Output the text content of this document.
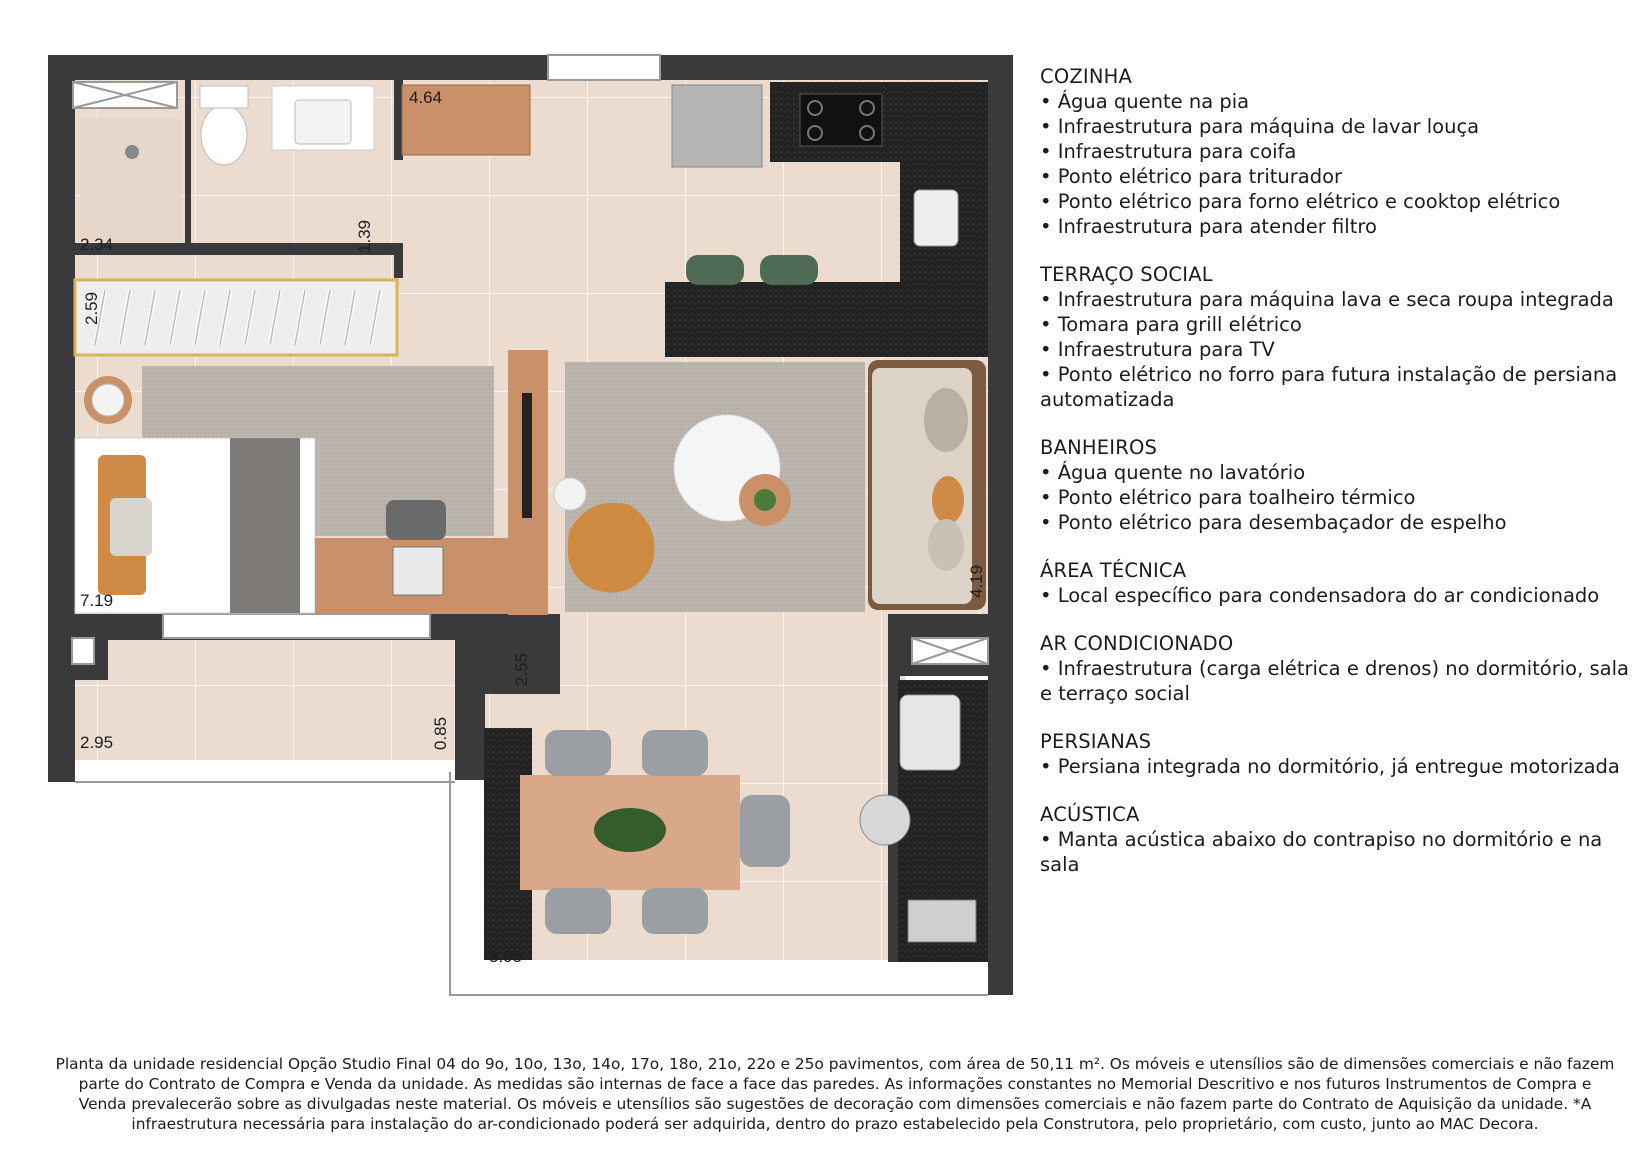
2.34	1.39
4.64
2.59
7.19
4.19
2.95	0.85
2.55
3.95
COZINHA
• Água quente na pia
• Infraestrutura para máquina de lavar louça
• Infraestrutura para coifa
• Ponto elétrico para triturador
• Ponto elétrico para forno elétrico e cooktop elétrico
• Infraestrutura para atender filtro
TERRAÇO SOCIAL
• Infraestrutura para máquina lava e seca roupa integrada
• Tomara para grill elétrico
• Infraestrutura para TV
• Ponto elétrico no forro para futura instalação de persiana automatizada
BANHEIROS
• Água quente no lavatório
• Ponto elétrico para toalheiro térmico
• Ponto elétrico para desembaçador de espelho
ÁREA TÉCNICA
• Local específico para condensadora do ar condicionado
AR CONDICIONADO
• Infraestrutura (carga elétrica e drenos) no dormitório, sala e terraço social
PERSIANAS
• Persiana integrada no dormitório, já entregue motorizada
ACÚSTICA
• Manta acústica abaixo do contrapiso no dormitório e na sala
Planta da unidade residencial Opção Studio Final 04 do 9o, 10o, 13o, 14o, 17o, 18o, 21o, 22o e 25o pavimentos, com área de 50,11 m². Os móveis e utensílios são de dimensões comerciais e não fazem parte do Contrato de Compra e Venda da unidade. As medidas são internas de face a face das paredes. As informações constantes no Memorial Descritivo e nos futuros Instrumentos de Compra e Venda prevalecerão sobre as divulgadas neste material. Os móveis e utensílios são sugestões de decoração com dimensões comerciais e não fazem parte do Contrato de Aquisição da unidade. *A infraestrutura necessária para instalação do ar-condicionado poderá ser adquirida, dentro do prazo estabelecido pela Construtora, pelo proprietário, com custo, junto ao MAC Decora.
